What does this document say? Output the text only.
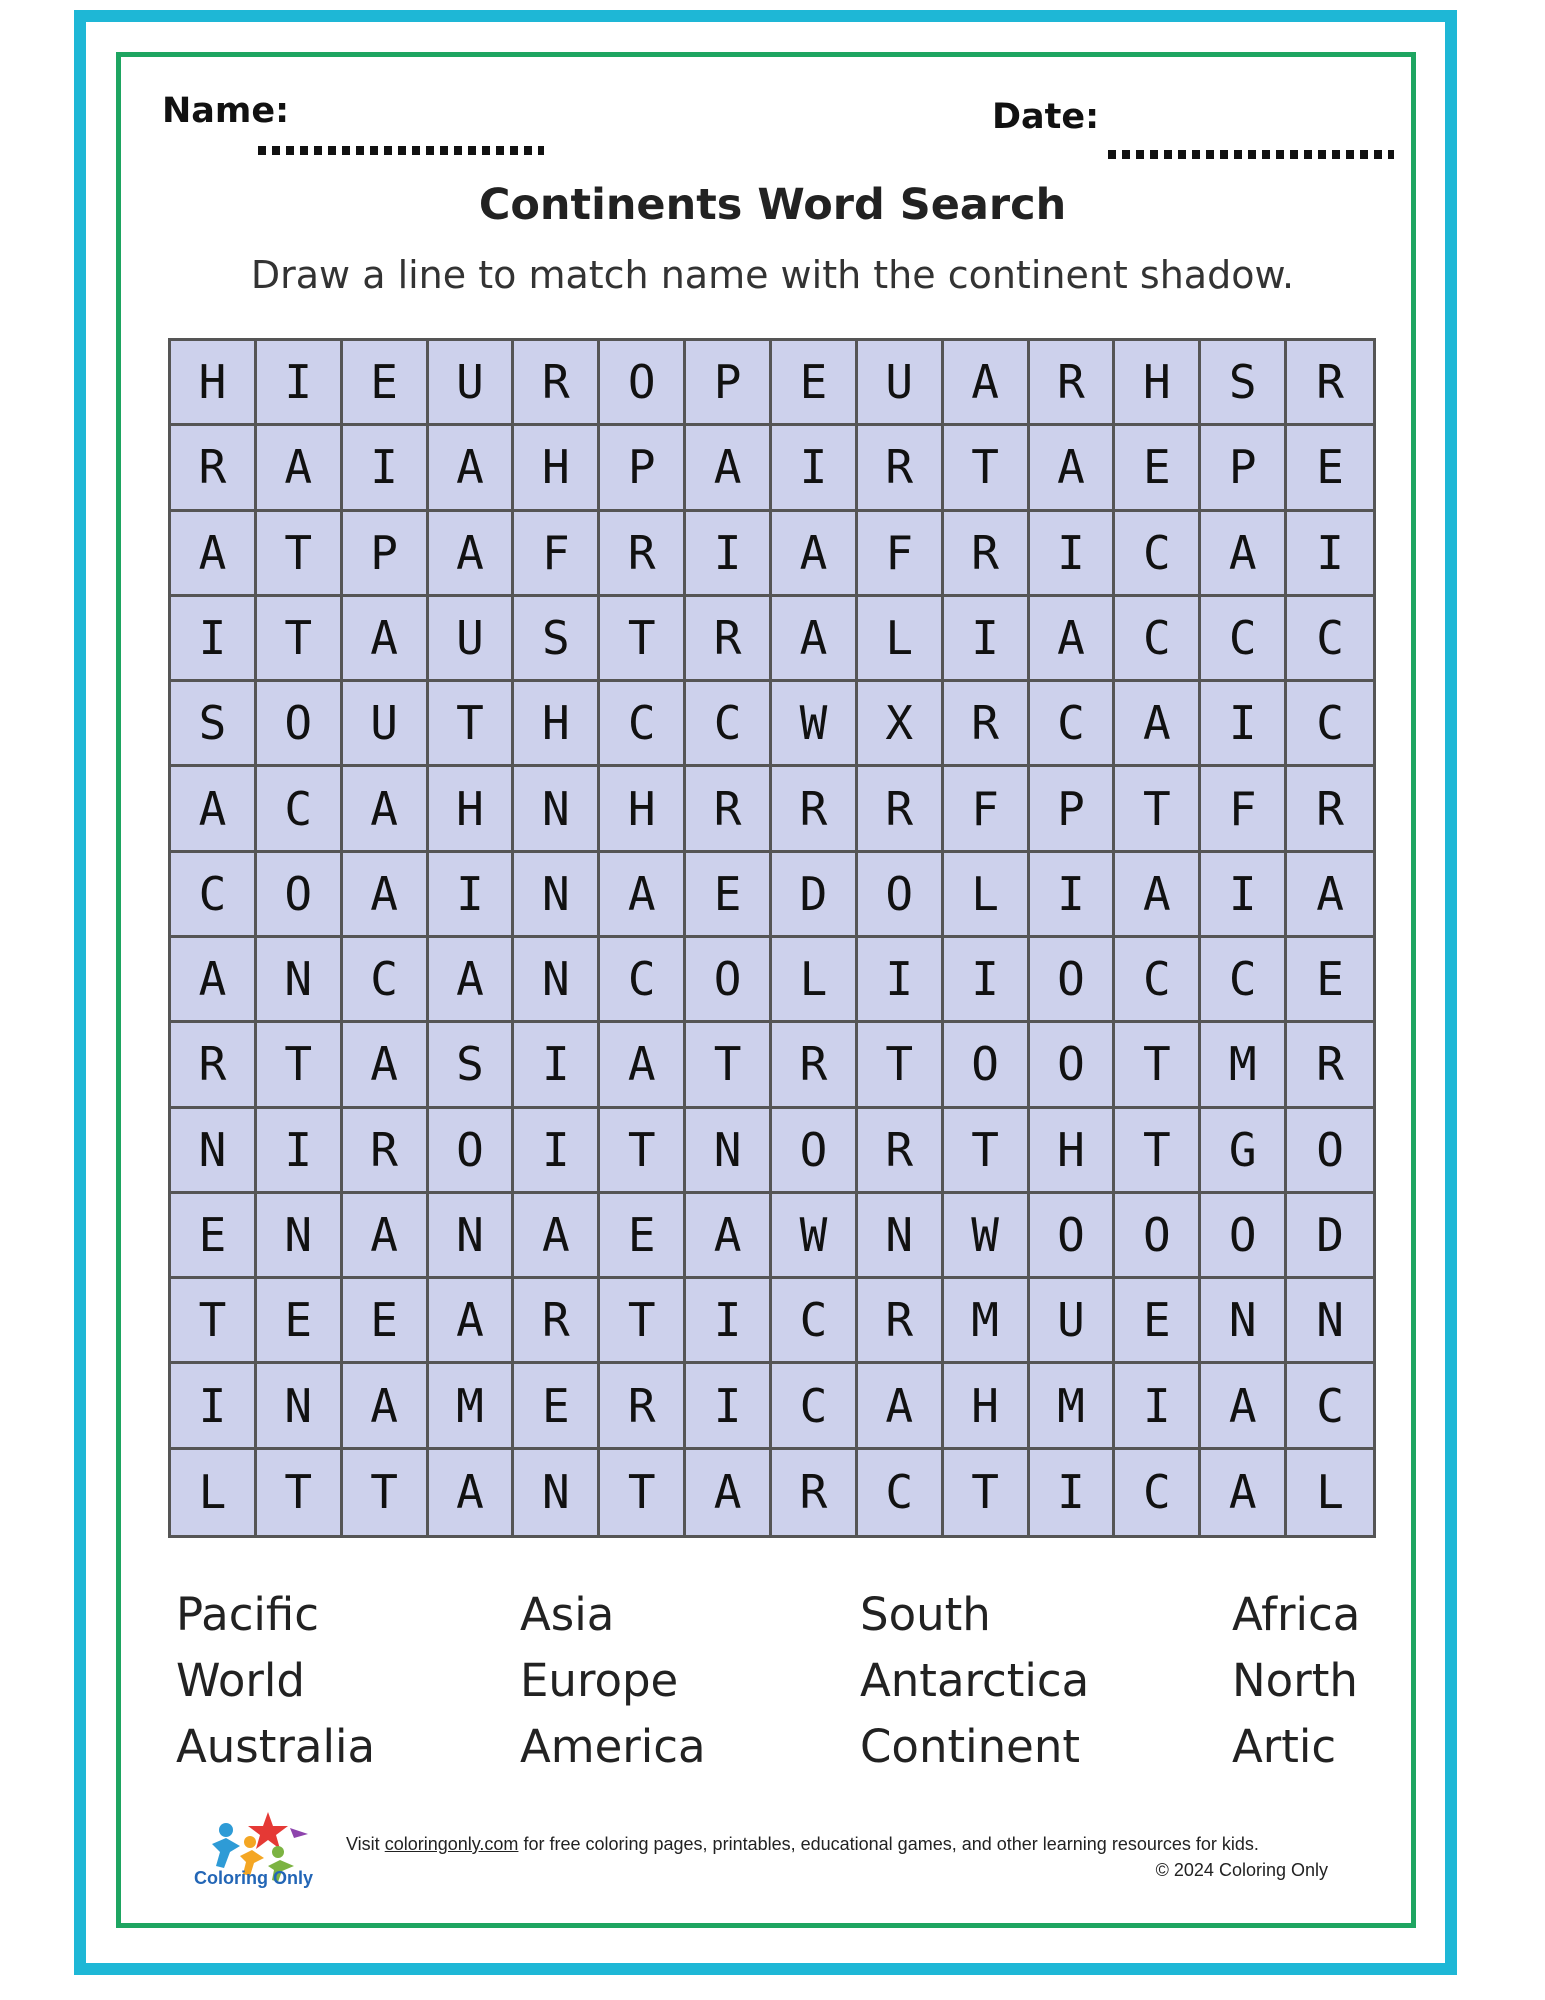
Name:	Date:
Continents Word Search
Draw a line to match name with the continent shadow.
H	I	E	U	R	O	P	E	U	A	R	H	S	R
R	A	I	A	H	P	A	I	R	T	A	E	P	E
A	T	P	A	F	R	I	A	F	R	I	C	A	I
I	T	A	U	S	T	R	A	L	I	A	C	C	C
S	O	U	T	H	C	C	W	X	R	C	A	I	C
A	C	A	H	N	H	R	R	R	F	P	T	F	R
C	O	A	I	N	A	E	D	O	L	I	A	I	A
A	N	C	A	N	C	O	L	I	I	O	C	C	E
R	T	A	S	I	A	T	R	T	O	O	T	M	R
N	I	R	O	I	T	N	O	R	T	H	T	G	O
E	N	A	N	A	E	A	W	N	W	O	O	O	D
T	E	E	A	R	T	I	C	R	M	U	E	N	N
I	N	A	M	E	R	I	C	A	H	M	I	A	C
L	T	T	A	N	T	A	R	C	T	I	C	A	L
Pacific
World
Australia
Asia
Europe
America
South
Antarctica
Continent
Africa
North
Artic
Coloring Only
Visit coloringonly.com for free coloring pages, printables, educational games, and other learning resources for kids.
© 2024 Coloring Only
